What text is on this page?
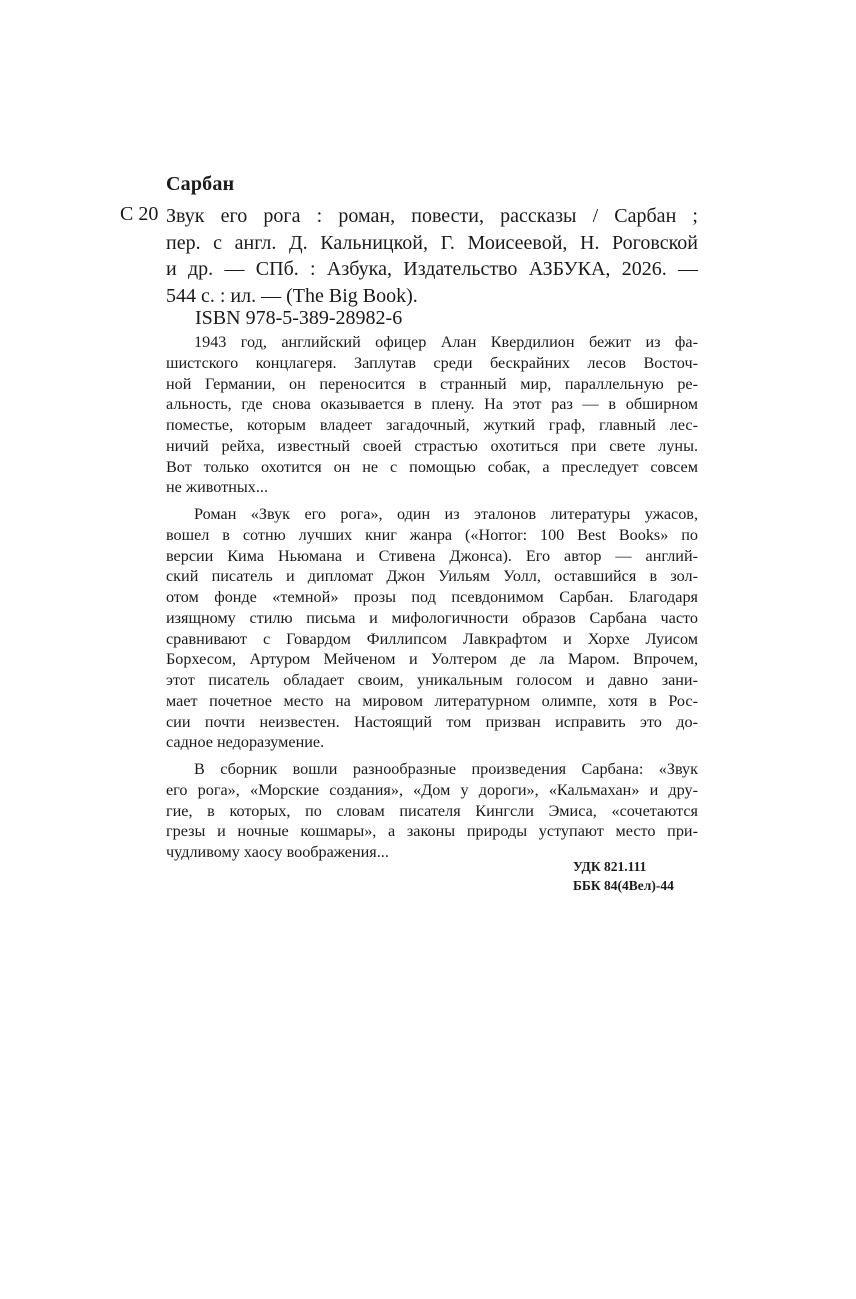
Сарбан
С 20 Звук его рога : роман, повести, рассказы / Сарбан ;
пер. с англ. Д. Кальницкой, Г. Моисеевой, Н. Роговской
и др. — СПб. : Азбука, Издательство АЗБУКА, 2026. —
544 с. : ил. — (The Big Book).
ISBN 978-5-389-28982-6
1943 год, английский офицер Алан Квердилион бежит из фа-
шистского концлагеря. Заплутав среди бескрайних лесов Восточ-
ной Германии, он переносится в странный мир, параллельную ре-
альность, где снова оказывается в плену. На этот раз — в обширном
поместье, которым владеет загадочный, жуткий граф, главный лес-
ничий рейха, известный своей страстью охотиться при свете луны.
Вот только охотится он не с помощью собак, а преследует совсем
не животных...
Роман «Звук его рога», один из эталонов литературы ужасов,
вошел в сотню лучших книг жанра («Horror: 100 Best Books» по
версии Кима Ньюмана и Стивена Джонса). Его автор — англий-
ский писатель и дипломат Джон Уильям Уолл, оставшийся в зол-
отом фонде «темной» прозы под псевдонимом Сарбан. Благодаря
изящному стилю письма и мифологичности образов Сарбана часто
сравнивают с Говардом Филлипсом Лавкрафтом и Хорхе Луисом
Борхесом, Артуром Мейченом и Уолтером де ла Маром. Впрочем,
этот писатель обладает своим, уникальным голосом и давно зани-
мает почетное место на мировом литературном олимпе, хотя в Рос-
сии почти неизвестен. Настоящий том призван исправить это до-
садное недоразумение.
В сборник вошли разнообразные произведения Сарбана: «Звук
его рога», «Морские создания», «Дом у дороги», «Кальмахан» и дру-
гие, в которых, по словам писателя Кингсли Эмиса, «сочетаются
грезы и ночные кошмары», а законы природы уступают место при-
чудливому хаосу воображения...
УДК 821.111
ББК 84(4Вел)-44
